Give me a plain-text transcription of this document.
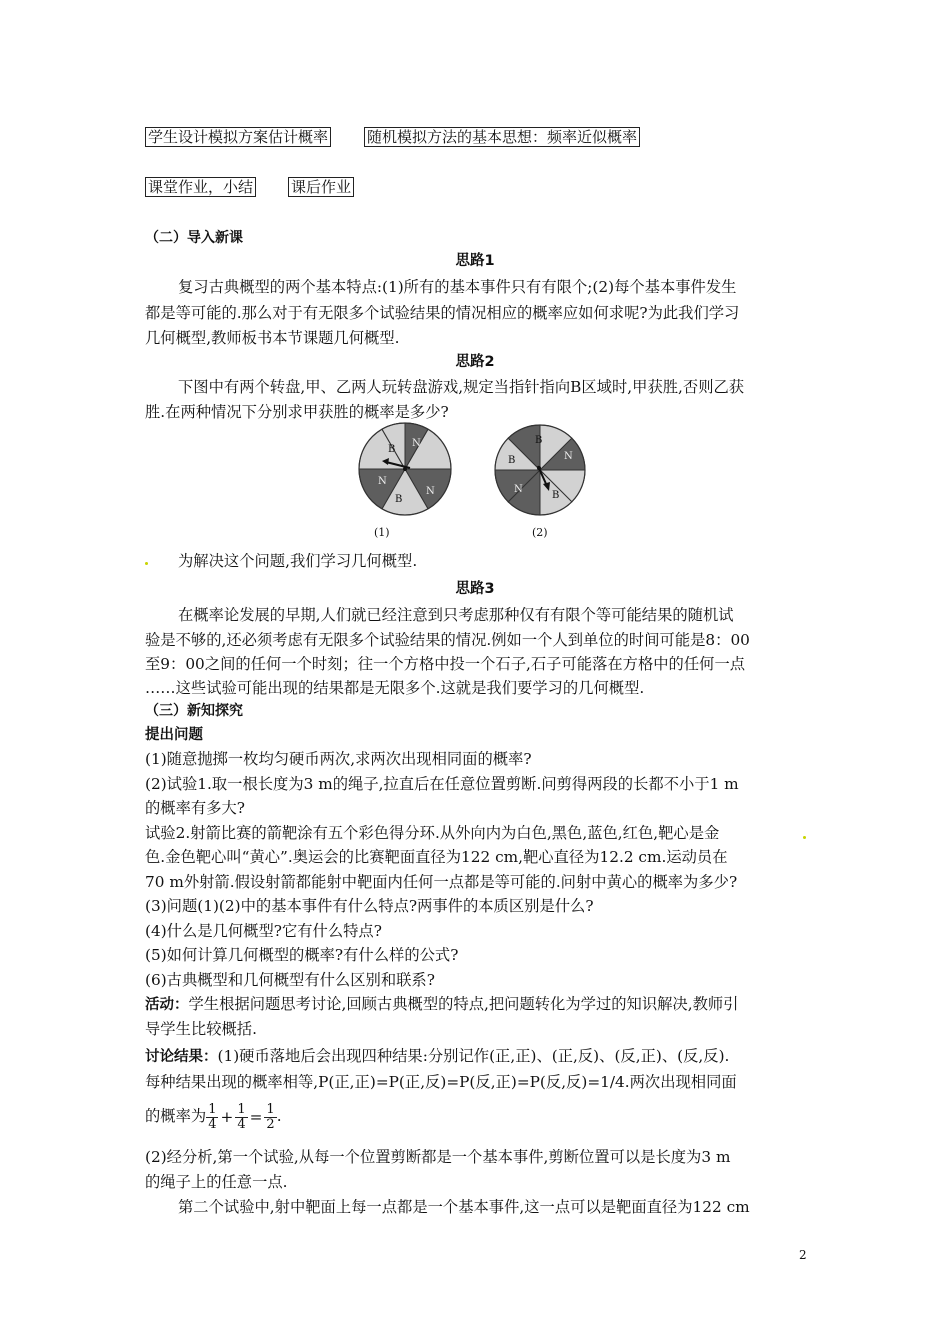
学生设计模拟方案估计概率	随机模拟方法的基本思想：频率近似概率
课堂作业，小结	课后作业
（二）导入新课
思路1
复习古典概型的两个基本特点:(1)所有的基本事件只有有限个;(2)每个基本事件发生
都是等可能的.那么对于有无限多个试验结果的情况相应的概率应如何求呢?为此我们学习
几何概型,教师板书本节课题几何概型.
思路2
下图中有两个转盘,甲、乙两人玩转盘游戏,规定当指针指向B区域时,甲获胜,否则乙获
胜.在两种情况下分别求甲获胜的概率是多少?
B
N
N
B
N
B
N
B
N
B
(1)	(2)
为解决这个问题,我们学习几何概型.
思路3
在概率论发展的早期,人们就已经注意到只考虑那种仅有有限个等可能结果的随机试
验是不够的,还必须考虑有无限多个试验结果的情况.例如一个人到单位的时间可能是8：00
至9：00之间的任何一个时刻；往一个方格中投一个石子,石子可能落在方格中的任何一点
……这些试验可能出现的结果都是无限多个.这就是我们要学习的几何概型.
（三）新知探究
提出问题
(1)随意抛掷一枚均匀硬币两次,求两次出现相同面的概率?
(2)试验1.取一根长度为3 m的绳子,拉直后在任意位置剪断.问剪得两段的长都不小于1 m
的概率有多大?
试验2.射箭比赛的箭靶涂有五个彩色得分环.从外向内为白色,黑色,蓝色,红色,靶心是金
色.金色靶心叫“黄心”.奥运会的比赛靶面直径为122 cm,靶心直径为12.2 cm.运动员在
70 m外射箭.假设射箭都能射中靶面内任何一点都是等可能的.问射中黄心的概率为多少?
(3)问题(1)(2)中的基本事件有什么特点?两事件的本质区别是什么?
(4)什么是几何概型?它有什么特点?
(5)如何计算几何概型的概率?有什么样的公式?
(6)古典概型和几何概型有什么区别和联系?
活动：学生根据问题思考讨论,回顾古典概型的特点,把问题转化为学过的知识解决,教师引
导学生比较概括.
讨论结果：(1)硬币落地后会出现四种结果:分别记作(正,正)、(正,反)、(反,正)、(反,反).
每种结果出现的概率相等,P(正,正)=P(正,反)=P(反,正)=P(反,反)=1/4.两次出现相同面
的概率为 $\frac{1}{4} + \frac{1}{4} = \frac{1}{2}$ .
(2)经分析,第一个试验,从每一个位置剪断都是一个基本事件,剪断位置可以是长度为3 m
的绳子上的任意一点.
第二个试验中,射中靶面上每一点都是一个基本事件,这一点可以是靶面直径为122 cm
2
